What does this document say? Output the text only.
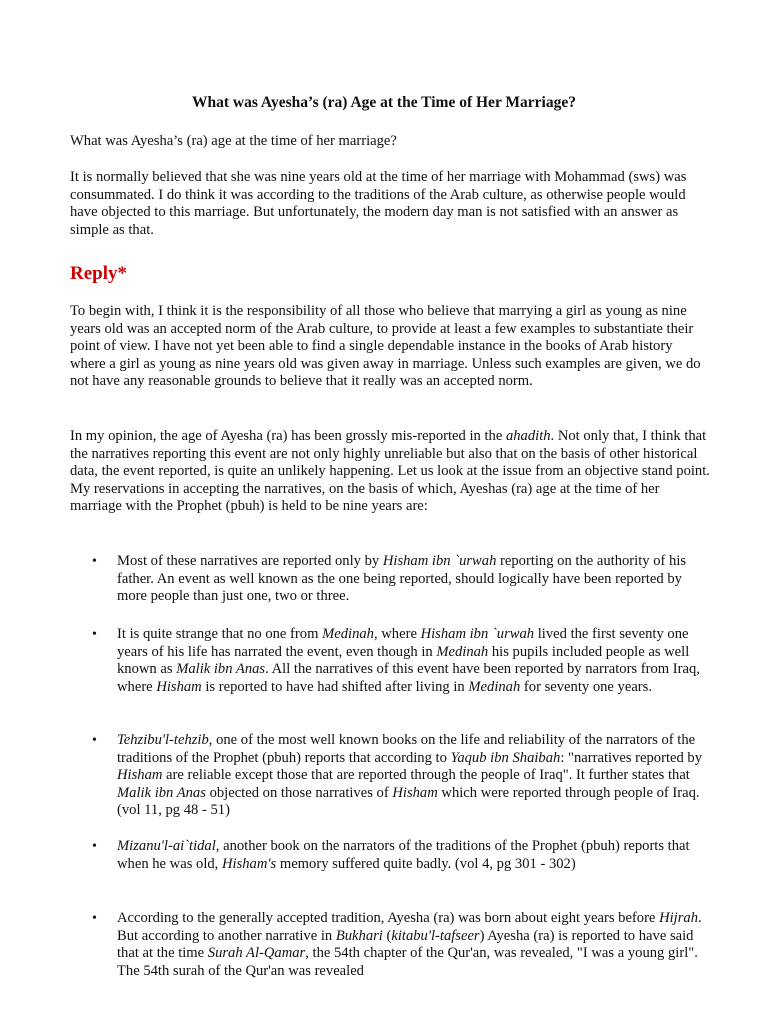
What was Ayesha’s (ra) Age at the Time of Her Marriage?

What was Ayesha’s (ra) age at the time of her marriage?

It is normally believed that she was nine years old at the time of her marriage with Mohammad (sws) was consummated. I do think it was according to the traditions of the Arab culture, as otherwise people would have objected to this marriage. But unfortunately, the modern day man is not satisfied with an answer as simple as that.

Reply*

To begin with, I think it is the responsibility of all those who believe that marrying a girl as young as nine years old was an accepted norm of the Arab culture, to provide at least a few examples to substantiate their point of view. I have not yet been able to find a single dependable instance in the books of Arab history where a girl as young as nine years old was given away in marriage. Unless such examples are given, we do not have any reasonable grounds to believe that it really was an accepted norm.

In my opinion, the age of Ayesha (ra) has been grossly mis-reported in the ahadith. Not only that, I think that the narratives reporting this event are not only highly unreliable but also that on the basis of other historical data, the event reported, is quite an unlikely happening. Let us look at the issue from an objective stand point. My reservations in accepting the narratives, on the basis of which, Ayeshas (ra) age at the time of her marriage with the Prophet (pbuh) is held to be nine years are:

• Most of these narratives are reported only by Hisham ibn `urwah reporting on the authority of his father. An event as well known as the one being reported, should logically have been reported by more people than just one, two or three.
• It is quite strange that no one from Medinah, where Hisham ibn `urwah lived the first seventy one years of his life has narrated the event, even though in Medinah his pupils included people as well known as Malik ibn Anas. All the narratives of this event have been reported by narrators from Iraq, where Hisham is reported to have had shifted after living in Medinah for seventy one years.
• Tehzibu'l-tehzib, one of the most well known books on the life and reliability of the narrators of the traditions of the Prophet (pbuh) reports that according to Yaqub ibn Shaibah: "narratives reported by Hisham are reliable except those that are reported through the people of Iraq". It further states that Malik ibn Anas objected on those narratives of Hisham which were reported through people of Iraq. (vol 11, pg 48 - 51)
• Mizanu'l-ai`tidal, another book on the narrators of the traditions of the Prophet (pbuh) reports that when he was old, Hisham's memory suffered quite badly. (vol 4, pg 301 - 302)
• According to the generally accepted tradition, Ayesha (ra) was born about eight years before Hijrah. But according to another narrative in Bukhari (kitabu'l-tafseer) Ayesha (ra) is reported to have said that at the time Surah Al-Qamar, the 54th chapter of the Qur'an, was revealed, "I was a young girl". The 54th surah of the Qur'an was revealed
